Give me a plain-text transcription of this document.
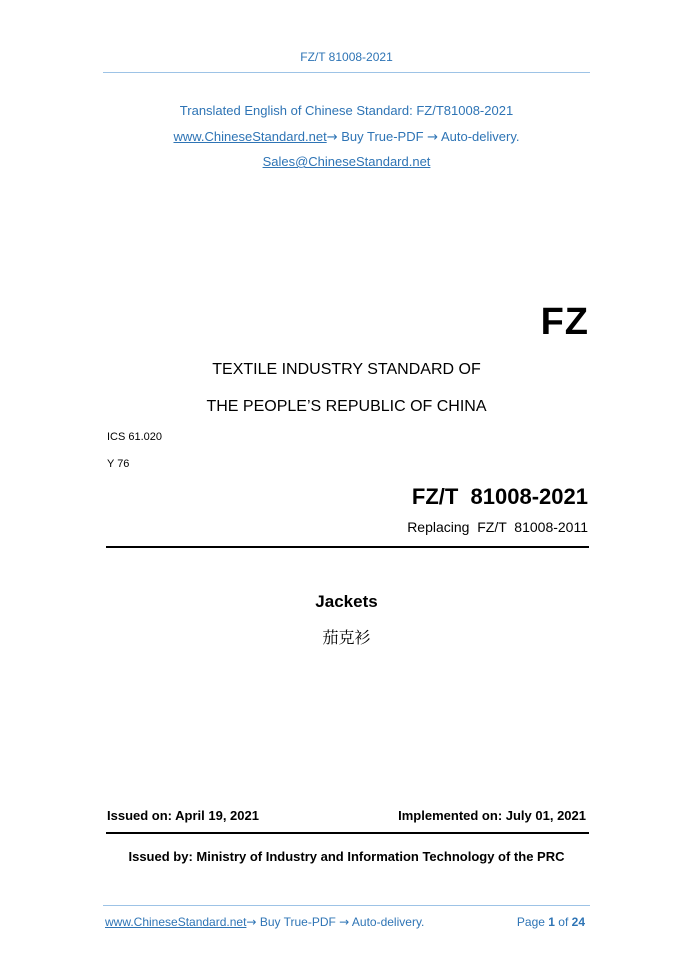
FZ/T 81008-2021
Translated English of Chinese Standard: FZ/T81008-2021
www.ChineseStandard.net→ Buy True-PDF → Auto-delivery.
Sales@ChineseStandard.net
FZ
TEXTILE INDUSTRY STANDARD OF
THE PEOPLE’S REPUBLIC OF CHINA
ICS 61.020
Y 76
FZ/T  81008-2021
Replacing  FZ/T  81008-2011
Jackets
茄克衫
Issued on: April 19, 2021	Implemented on: July 01, 2021
Issued by: Ministry of Industry and Information Technology of the PRC
www.ChineseStandard.net→ Buy True-PDF → Auto-delivery.	Page 1 of 24
